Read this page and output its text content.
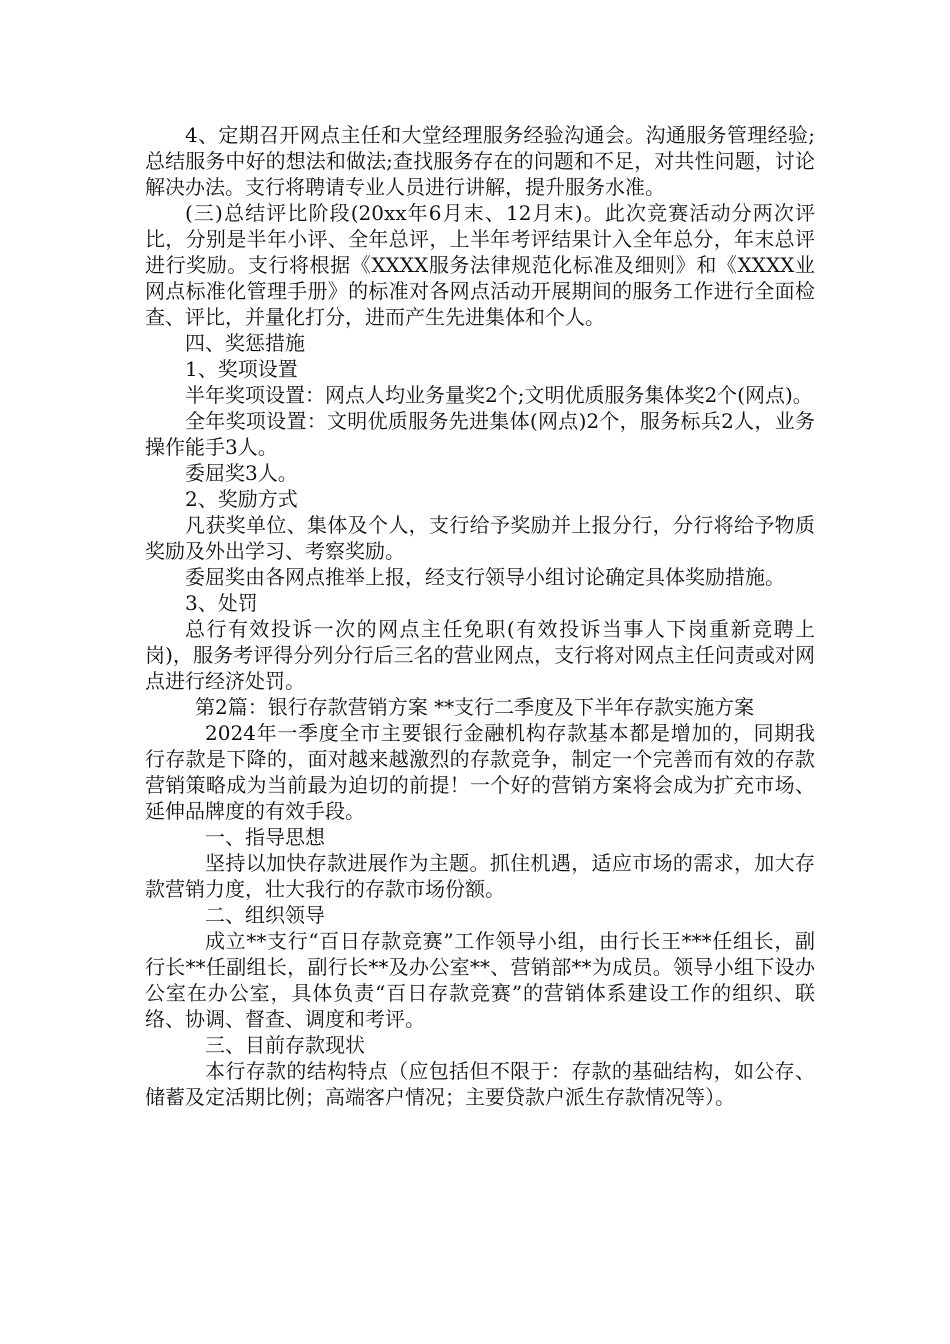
4、定期召开网点主任和大堂经理服务经验沟通会。沟通服务管理经验;总结服务中好的想法和做法;查找服务存在的问题和不足，对共性问题，讨论解决办法。支行将聘请专业人员进行讲解，提升服务水准。

(三)总结评比阶段(20xx年6月末、12月末)。此次竞赛活动分两次评比，分别是半年小评、全年总评，上半年考评结果计入全年总分，年末总评进行奖励。支行将根据《XXXX服务法律规范化标准及细则》和《XXXX业网点标准化管理手册》的标准对各网点活动开展期间的服务工作进行全面检查、评比，并量化打分，进而产生先进集体和个人。

四、奖惩措施

1、奖项设置

半年奖项设置：网点人均业务量奖2个;文明优质服务集体奖2个(网点)。

全年奖项设置：文明优质服务先进集体(网点)2个，服务标兵2人，业务操作能手3人。

委屈奖3人。

2、奖励方式

凡获奖单位、集体及个人，支行给予奖励并上报分行，分行将给予物质奖励及外出学习、考察奖励。

委屈奖由各网点推举上报，经支行领导小组讨论确定具体奖励措施。

3、处罚

总行有效投诉一次的网点主任免职(有效投诉当事人下岗重新竞聘上岗)，服务考评得分列分行后三名的营业网点，支行将对网点主任问责或对网点进行经济处罚。

第2篇：银行存款营销方案 **支行二季度及下半年存款实施方案

2024年一季度全市主要银行金融机构存款基本都是增加的，同期我行存款是下降的，面对越来越激烈的存款竞争，制定一个完善而有效的存款营销策略成为当前最为迫切的前提！一个好的营销方案将会成为扩充市场、延伸品牌度的有效手段。

一、指导思想

坚持以加快存款进展作为主题。抓住机遇，适应市场的需求，加大存款营销力度，壮大我行的存款市场份额。

二、组织领导

成立**支行“百日存款竞赛”工作领导小组，由行长王***任组长，副行长**任副组长，副行长**及办公室**、营销部**为成员。领导小组下设办公室在办公室，具体负责“百日存款竞赛”的营销体系建设工作的组织、联络、协调、督查、调度和考评。

三、目前存款现状

本行存款的结构特点（应包括但不限于：存款的基础结构，如公存、储蓄及定活期比例；高端客户情况；主要贷款户派生存款情况等）。
